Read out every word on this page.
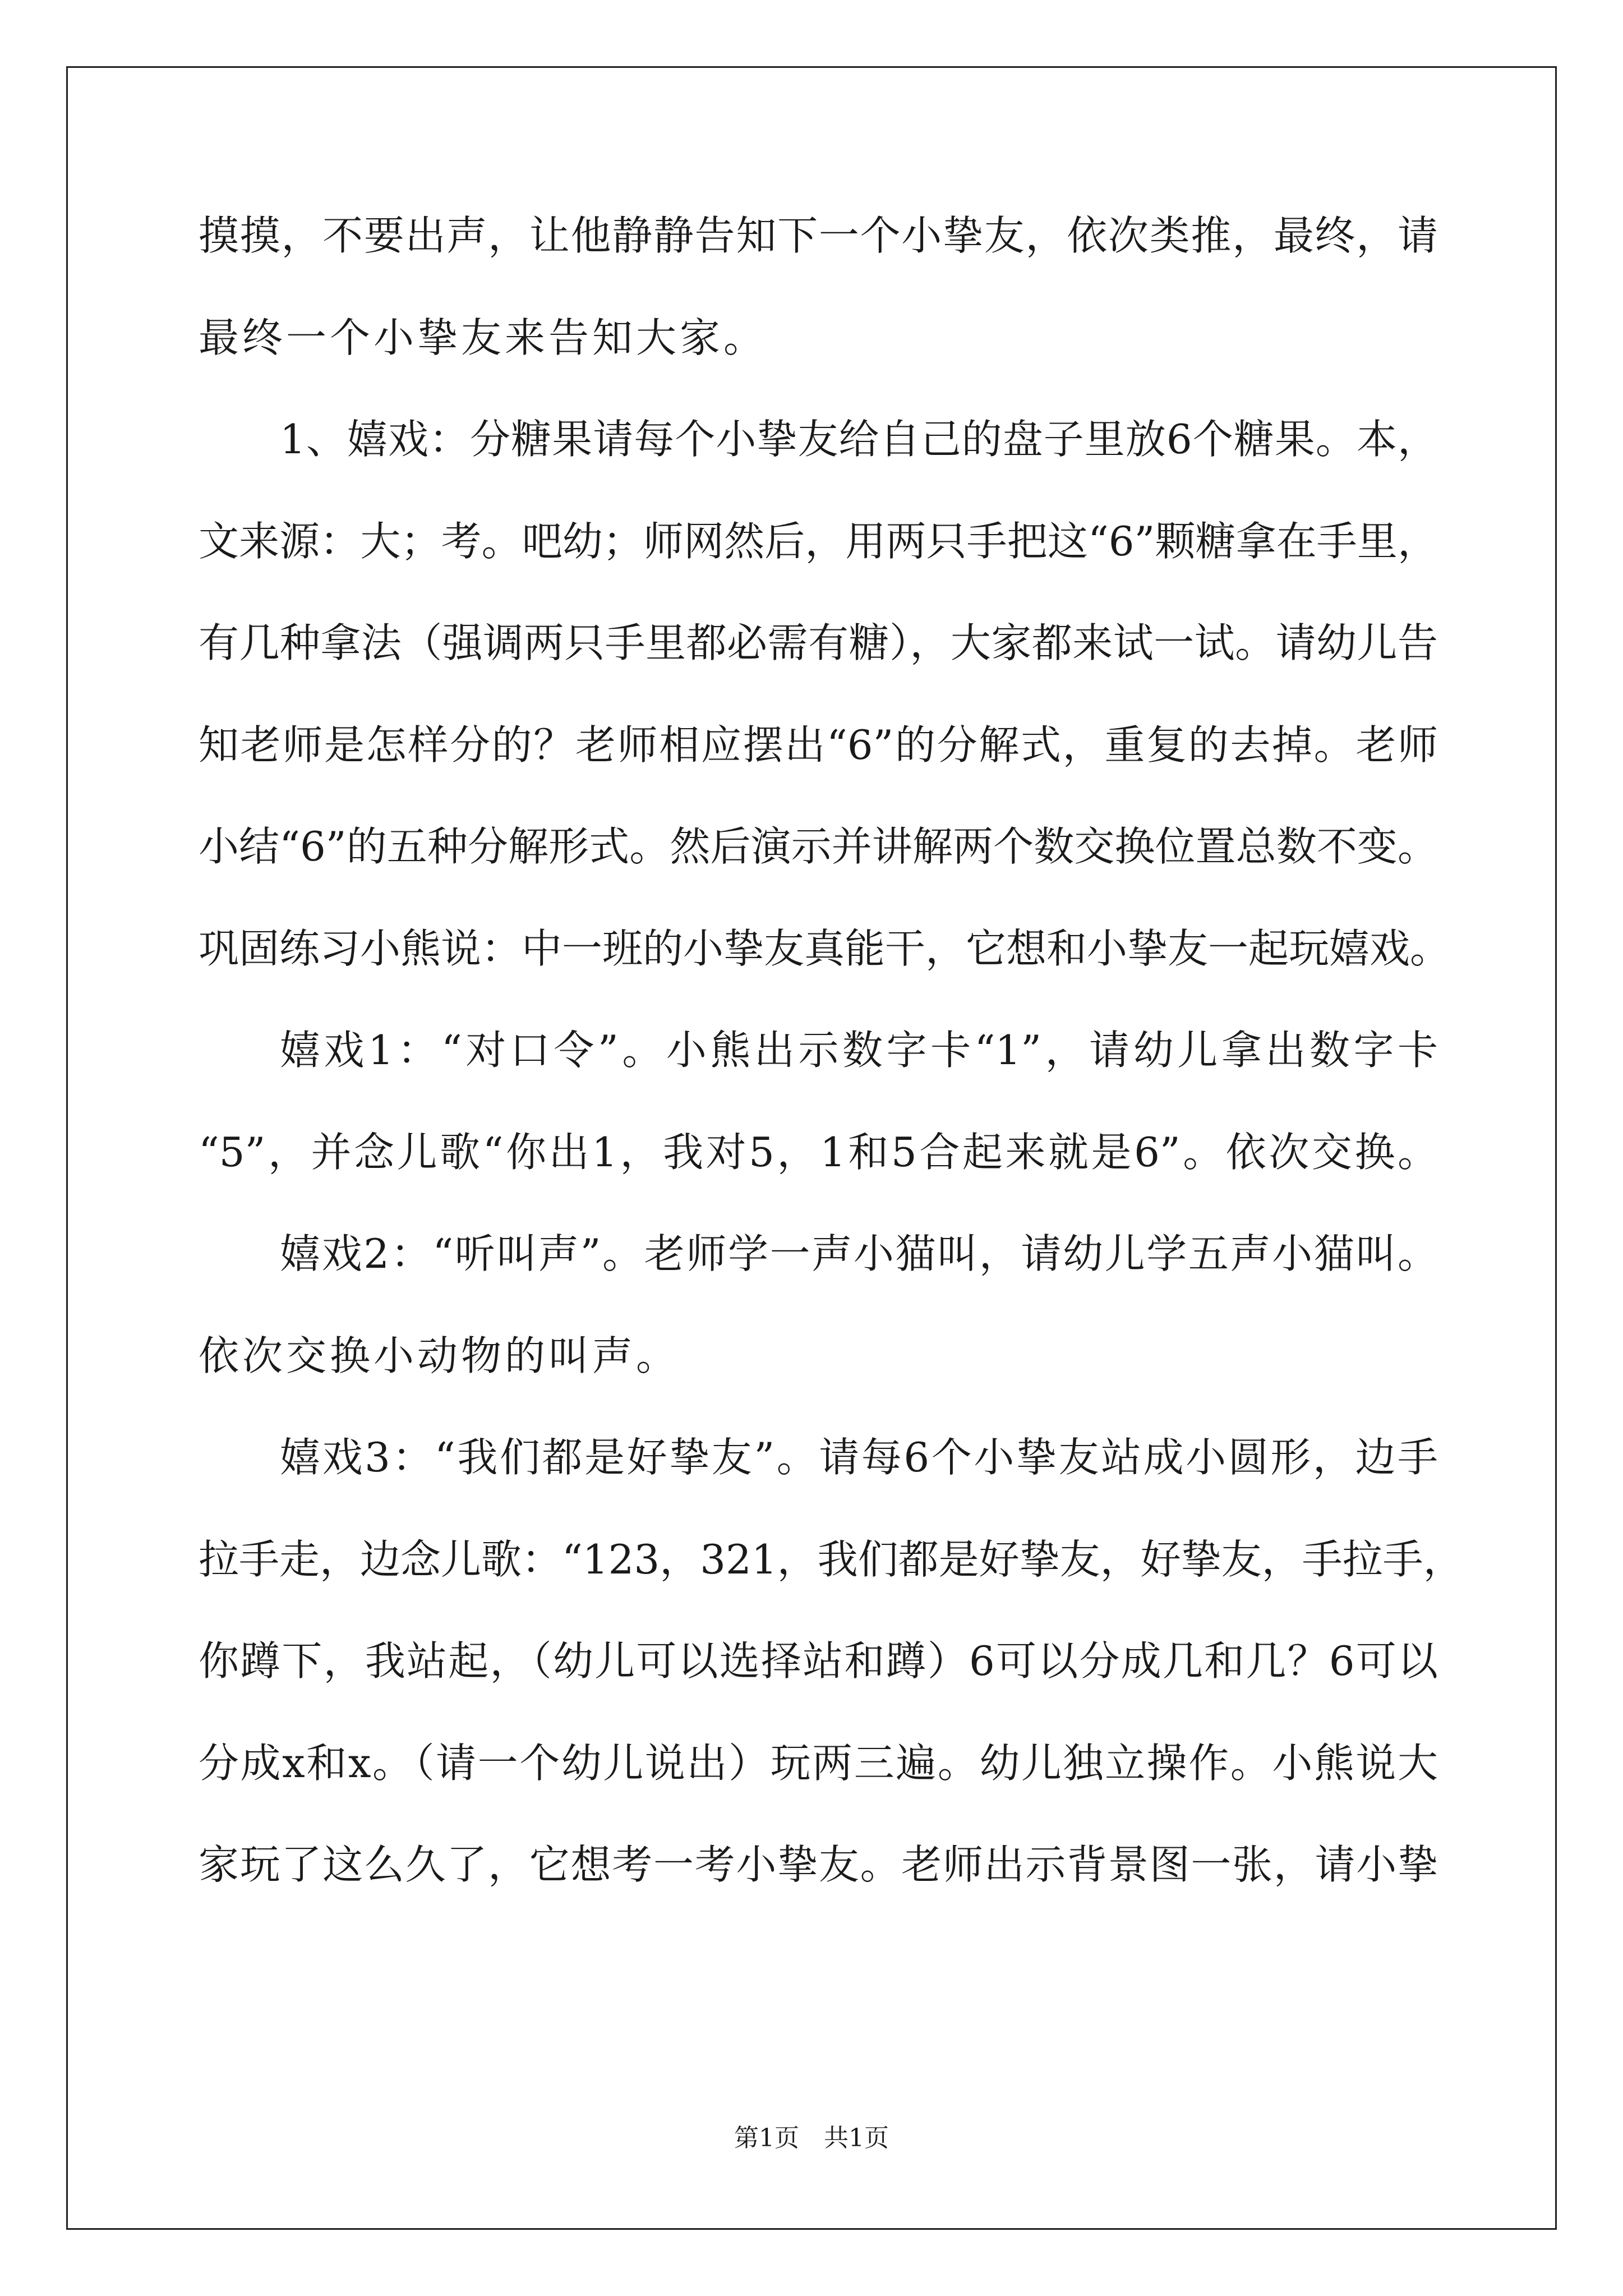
摸摸，不要出声，让他静静告知下一个小挚友，依次类推，最终，请
最终一个小挚友来告知大家。
1、嬉戏：分糖果请每个小挚友给自己的盘子里放6个糖果。本，
文来源：大；考。吧幼；师网然后，用两只手把这“6”颗糖拿在手里，
有几种拿法（强调两只手里都必需有糖），大家都来试一试。请幼儿告
知老师是怎样分的？老师相应摆出“6”的分解式，重复的去掉。老师
小结“6”的五种分解形式。然后演示并讲解两个数交换位置总数不变。
巩固练习小熊说：中一班的小挚友真能干，它想和小挚友一起玩嬉戏。
嬉戏1：“对口令”。小熊出示数字卡“1”，请幼儿拿出数字卡
“5”，并念儿歌“你出1，我对5，1和5合起来就是6”。依次交换。
嬉戏2：“听叫声”。老师学一声小猫叫，请幼儿学五声小猫叫。
依次交换小动物的叫声。
嬉戏3：“我们都是好挚友”。请每6个小挚友站成小圆形，边手
拉手走，边念儿歌：“123，321，我们都是好挚友，好挚友，手拉手，
你蹲下，我站起，（幼儿可以选择站和蹲）6可以分成几和几？6可以
分成x和x。（请一个幼儿说出）玩两三遍。幼儿独立操作。小熊说大
家玩了这么久了，它想考一考小挚友。老师出示背景图一张，请小挚
第1页　共1页
